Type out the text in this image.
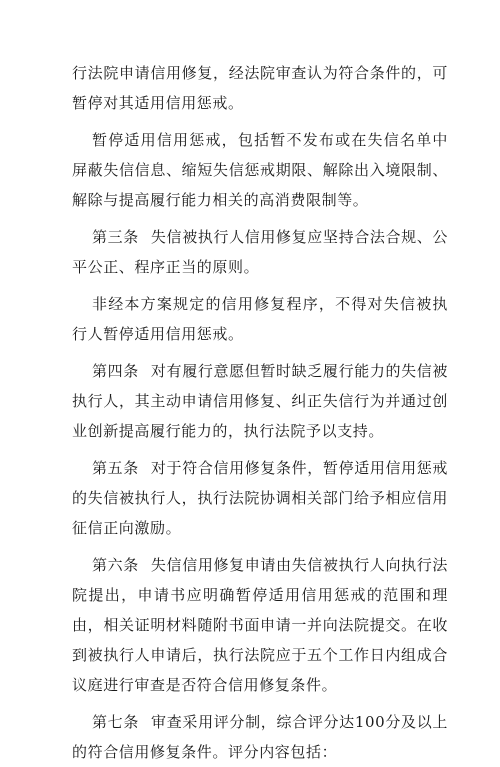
行法院申请信用修复，经法院审查认为符合条件的，可暂停对其适用信用惩戒。

暂停适用信用惩戒，包括暂不发布或在失信名单中屏蔽失信信息、缩短失信惩戒期限、解除出入境限制、解除与提高履行能力相关的高消费限制等。

第三条 失信被执行人信用修复应坚持合法合规、公平公正、程序正当的原则。

非经本方案规定的信用修复程序，不得对失信被执行人暂停适用信用惩戒。

第四条 对有履行意愿但暂时缺乏履行能力的失信被执行人，其主动申请信用修复、纠正失信行为并通过创业创新提高履行能力的，执行法院予以支持。

第五条 对于符合信用修复条件，暂停适用信用惩戒的失信被执行人，执行法院协调相关部门给予相应信用征信正向激励。

第六条 失信信用修复申请由失信被执行人向执行法院提出，申请书应明确暂停适用信用惩戒的范围和理由，相关证明材料随附书面申请一并向法院提交。在收到被执行人申请后，执行法院应于五个工作日内组成合议庭进行审查是否符合信用修复条件。

第七条 审查采用评分制，综合评分达100分及以上的符合信用修复条件。评分内容包括：
